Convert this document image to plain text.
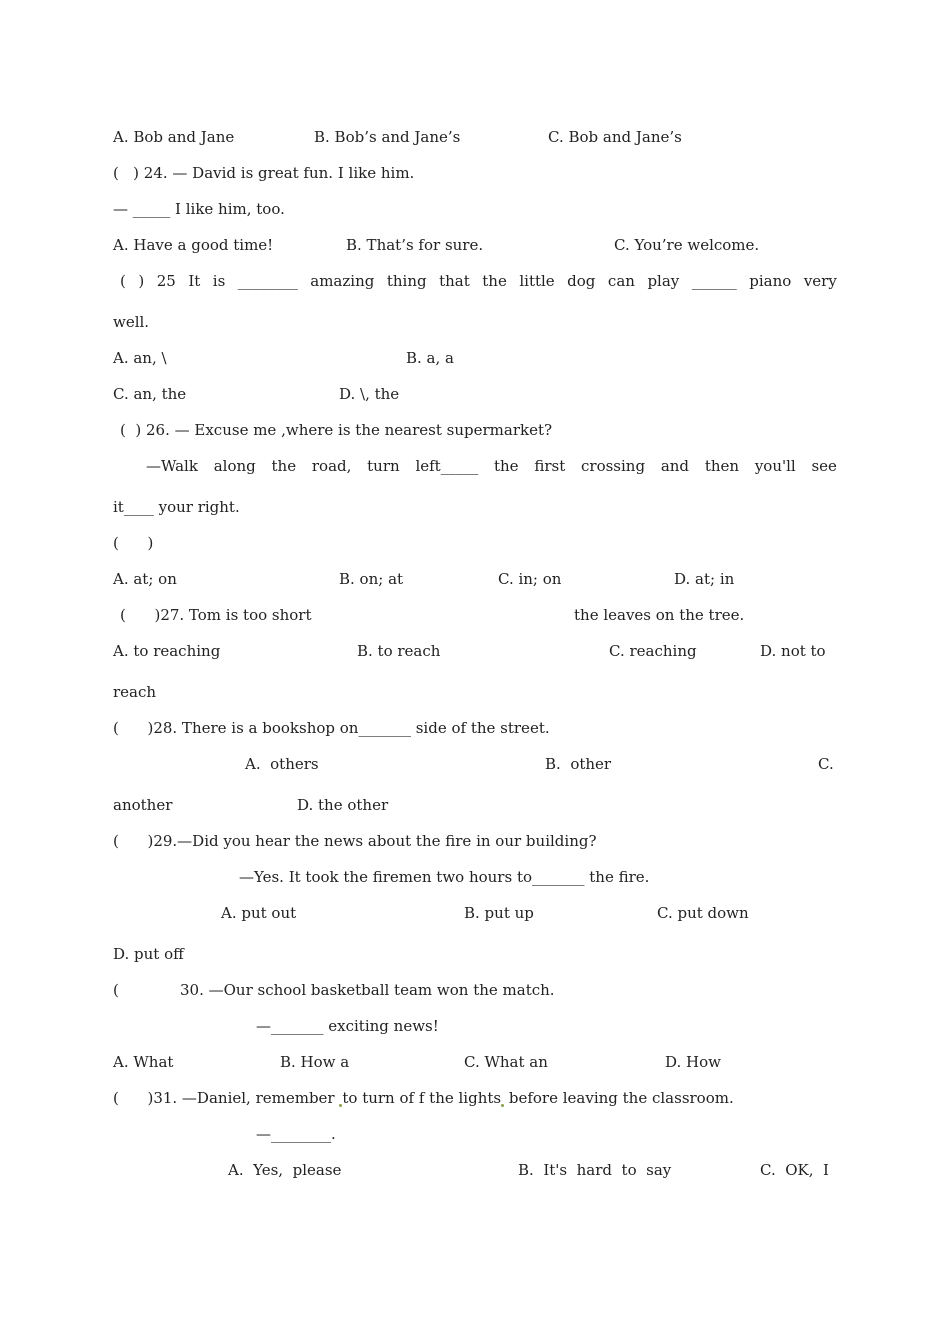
A. Bob and Jane	B. Bob’s and Jane’s	C. Bob and Jane’s
(   ) 24. — David is great fun. I like him.
— _____ I like him, too.
A. Have a good time!	B. That’s for sure.	C. You’re welcome.
( ) 25 It is ________ amazing thing that the little dog can play ______ piano very
well.
A. an, \	B. a, a
C. an, the	D. \, the
(  ) 26. — Excuse me ,where is the nearest supermarket?
—Walk along the road, turn left_____ the first crossing and then you'll see
it____ your right.
(      )
A. at; on	B. on; at	C. in; on	D. at; in
(      )27. Tom is too short	the leaves on the tree.
A. to reaching	B. to reach	C. reaching	D. not to
reach
(      )28. There is a bookshop on_______ side of the street.
A.  others	B.  other	C.
another	D. the other
(      )29.—Did you hear the news about the fire in our building?
—Yes. It took the firemen two hours to_______ the fire.
A. put out	B. put up	C. put down
D. put off
(	30. —Our school basketball team won the match.
—_______ exciting news!
A. What	B. How a	C. What an	D. How
(      )31. —Daniel, remember to turn of f the lights before leaving the classroom.
—________.
A.  Yes,  please	B.  It's  hard  to  say	C.  OK,  I
